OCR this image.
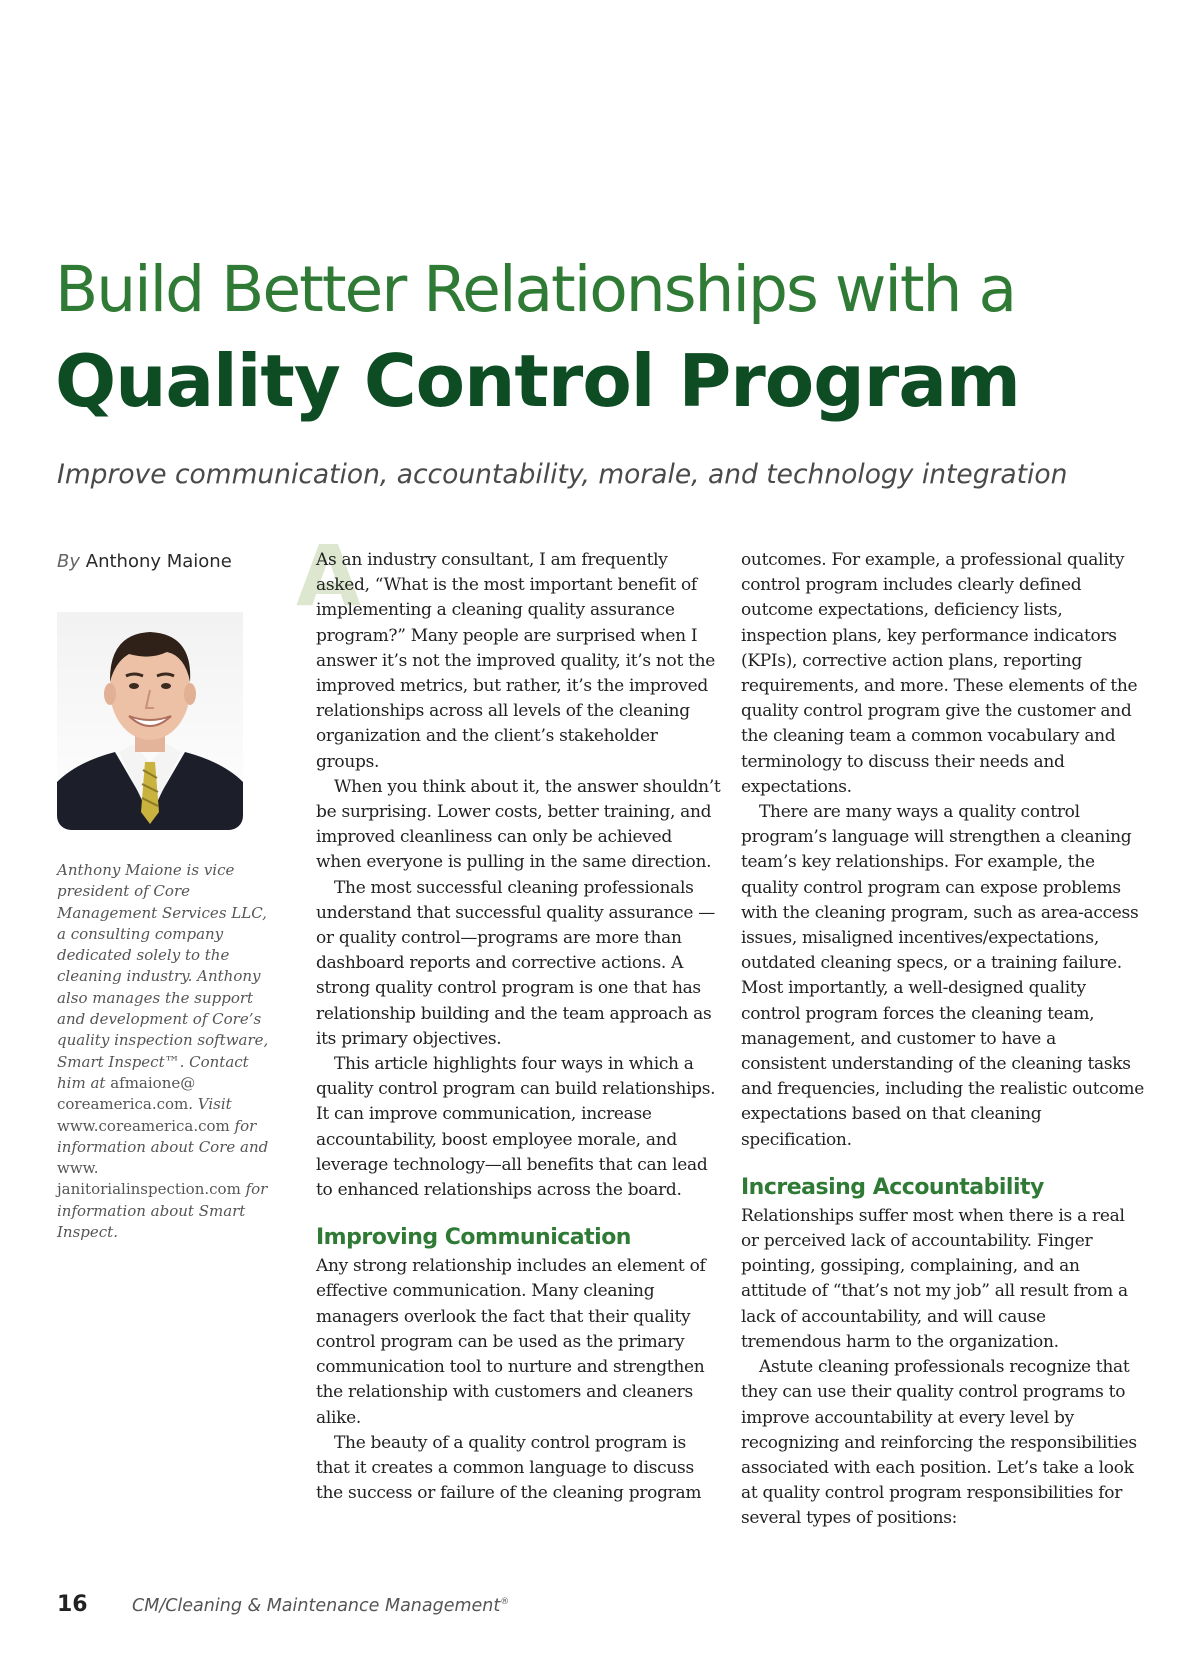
Build Better Relationships with a
Quality Control Program
Improve communication, accountability, morale, and technology integration
By Anthony Maione
Anthony Maione is vice president of Core Management Services LLC, a consulting company dedicated solely to the cleaning industry. Anthony also manages the support and development of Core’s quality inspection software, Smart Inspect™. Contact him at afmaione@ coreamerica.com. Visit www.coreamerica.com for information about Core and www. janitorialinspection.com for information about Smart Inspect.
A

As an industry consultant, I am frequently asked, “What is the most important benefit of implementing a cleaning quality assurance program?” Many people are surprised when I answer it’s not the improved quality, it’s not the improved metrics, but rather, it’s the improved relationships across all levels of the cleaning organization and the client’s stakeholder groups.

When you think about it, the answer shouldn’t be surprising. Lower costs, better training, and improved cleanliness can only be achieved when everyone is pulling in the same direction.

The most successful cleaning professionals understand that successful quality assurance —or quality control—programs are more than dashboard reports and corrective actions. A strong quality control program is one that has relationship building and the team approach as its primary objectives.

This article highlights four ways in which a quality control program can build relationships. It can improve communication, increase accountability, boost employee morale, and leverage technology—all benefits that can lead to enhanced relationships across the board.

Improving Communication

Any strong relationship includes an element of effective communication. Many cleaning managers overlook the fact that their quality control program can be used as the primary communication tool to nurture and strengthen the relationship with customers and cleaners alike.

The beauty of a quality control program is that it creates a common language to discuss the success or failure of the cleaning program

outcomes. For example, a professional quality control program includes clearly defined outcome expectations, deficiency lists, inspection plans, key performance indicators (KPIs), corrective action plans, reporting requirements, and more. These elements of the quality control program give the customer and the cleaning team a common vocabulary and terminology to discuss their needs and expectations.

There are many ways a quality control program’s language will strengthen a cleaning team’s key relationships. For example, the quality control program can expose problems with the cleaning program, such as area-access issues, misaligned incentives/expectations, outdated cleaning specs, or a training failure. Most importantly, a well-designed quality control program forces the cleaning team, management, and customer to have a consistent understanding of the cleaning tasks and frequencies, including the realistic outcome expectations based on that cleaning specification.

Increasing Accountability

Relationships suffer most when there is a real or perceived lack of accountability. Finger pointing, gossiping, complaining, and an attitude of “that’s not my job” all result from a lack of accountability, and will cause tremendous harm to the organization.

Astute cleaning professionals recognize that they can use their quality control programs to improve accountability at every level by recognizing and reinforcing the responsibilities associated with each position. Let’s take a look at quality control program responsibilities for several types of positions:

16	CM/Cleaning & Maintenance Management®
